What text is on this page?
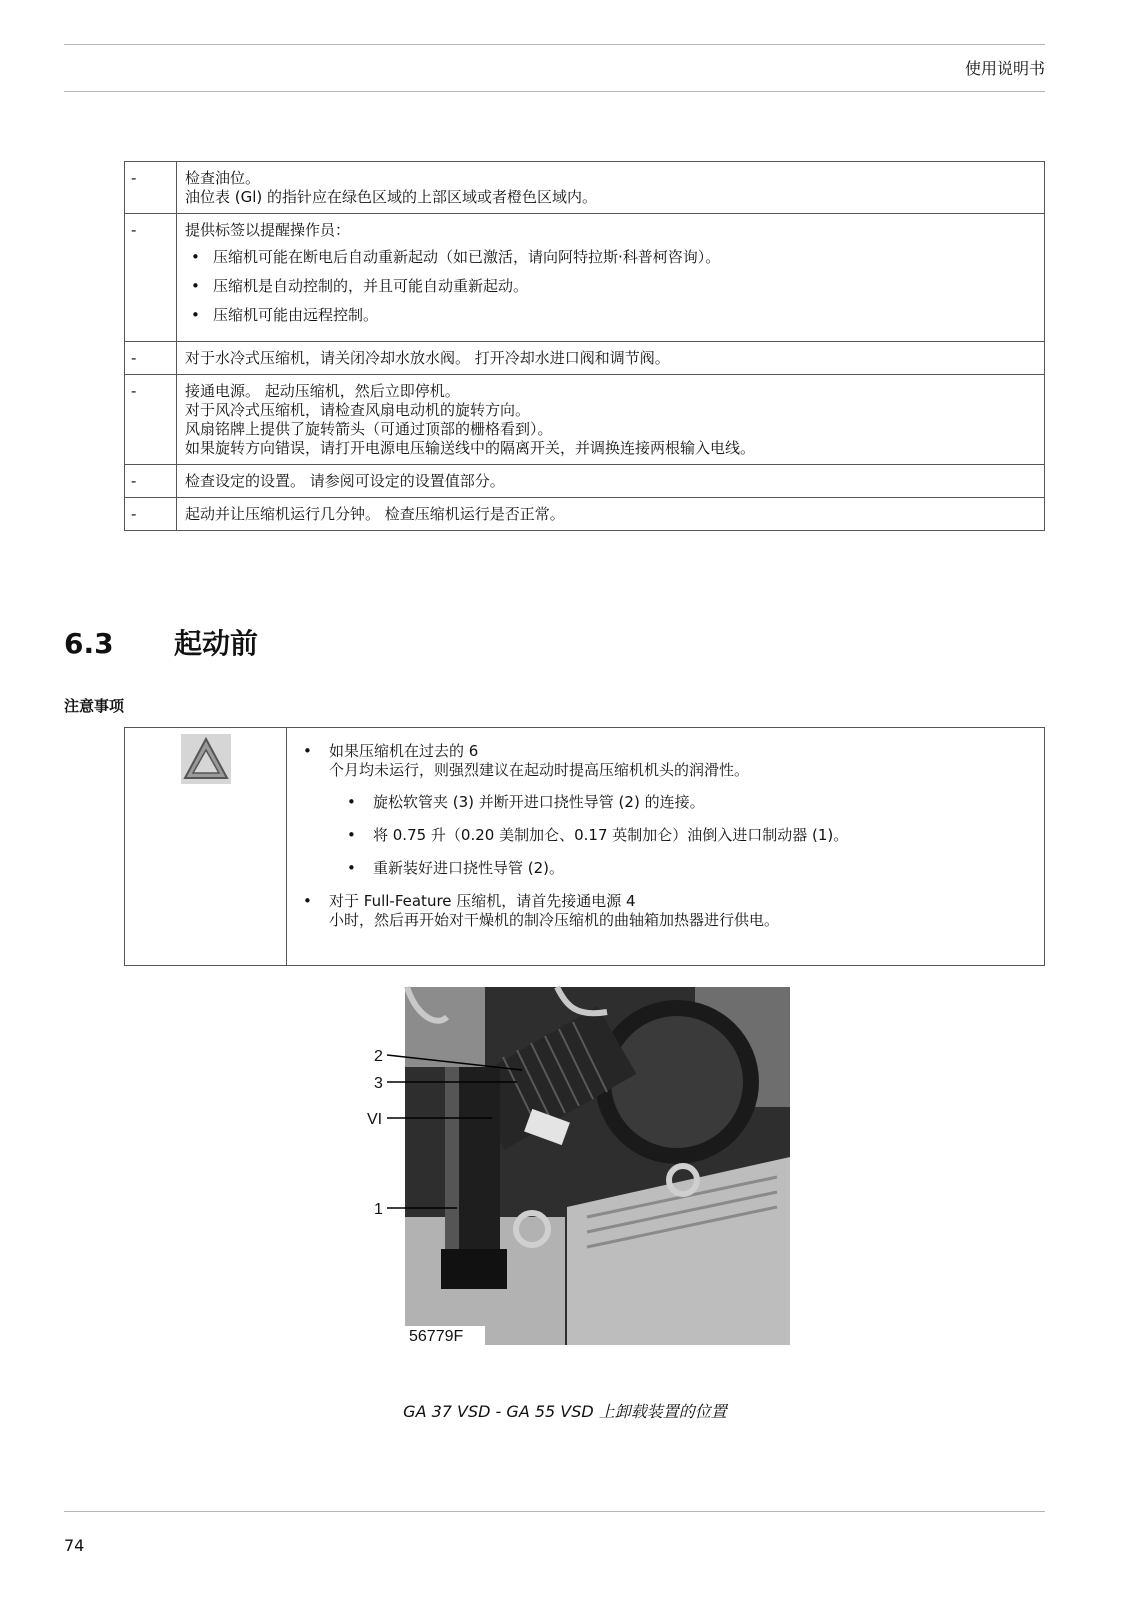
使用说明书
-	检查油位。
油位表 (Gl) 的指针应在绿色区域的上部区域或者橙色区域内。

-	提供标签以提醒操作员：
• 压缩机可能在断电后自动重新起动（如已激活，请向阿特拉斯·科普柯咨询）。
• 压缩机是自动控制的，并且可能自动重新起动。
• 压缩机可能由远程控制。

-	对于水冷式压缩机，请关闭冷却水放水阀。 打开冷却水进口阀和调节阀。

-	接通电源。 起动压缩机，然后立即停机。
对于风冷式压缩机，请检查风扇电动机的旋转方向。
风扇铭牌上提供了旋转箭头（可通过顶部的栅格看到）。
如果旋转方向错误，请打开电源电压输送线中的隔离开关，并调换连接两根输入电线。

-	检查设定的设置。 请参阅可设定的设置值部分。

-	起动并让压缩机运行几分钟。 检查压缩机运行是否正常。
6.3 起动前
注意事项
• 如果压缩机在过去的 6
个月均未运行，则强烈建议在起动时提高压缩机机头的润滑性。
• 旋松软管夹 (3) 并断开进口挠性导管 (2) 的连接。
• 将 0.75 升（0.20 美制加仑、0.17 英制加仑）油倒入进口制动器 (1)。
• 重新装好进口挠性导管 (2)。
• 对于 Full-Feature 压缩机，请首先接通电源 4
小时，然后再开始对干燥机的制冷压缩机的曲轴箱加热器进行供电。
2
3
VI
1
56779F
GA 37 VSD - GA 55 VSD 上卸载装置的位置
74
